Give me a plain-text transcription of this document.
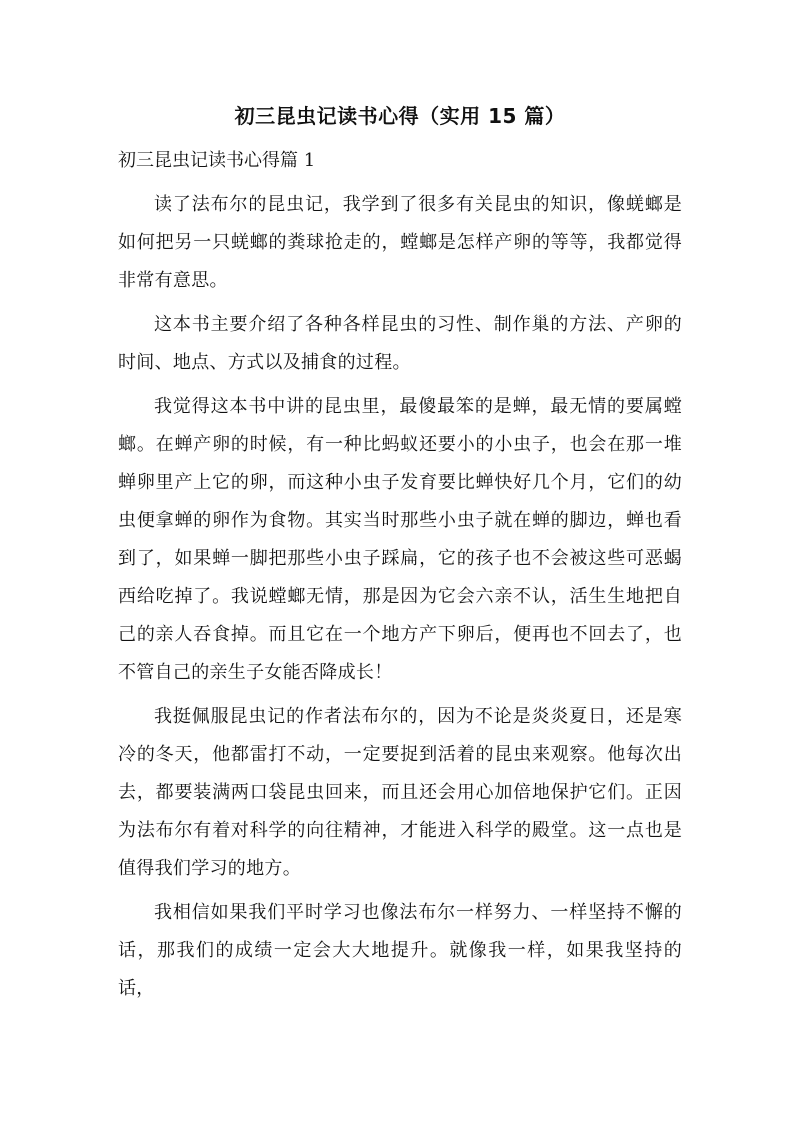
初三昆虫记读书心得（实用 15 篇）
初三昆虫记读书心得篇 1

读了法布尔的昆虫记，我学到了很多有关昆虫的知识，像蜣螂是如何把另一只蜣螂的粪球抢走的，螳螂是怎样产卵的等等，我都觉得非常有意思。

这本书主要介绍了各种各样昆虫的习性、制作巢的方法、产卵的时间、地点、方式以及捕食的过程。

我觉得这本书中讲的昆虫里，最傻最笨的是蝉，最无情的要属螳螂。在蝉产卵的时候，有一种比蚂蚁还要小的小虫子，也会在那一堆蝉卵里产上它的卵，而这种小虫子发育要比蝉快好几个月，它们的幼虫便拿蝉的卵作为食物。其实当时那些小虫子就在蝉的脚边，蝉也看到了，如果蝉一脚把那些小虫子踩扁，它的孩子也不会被这些可恶蝎西给吃掉了。我说螳螂无情，那是因为它会六亲不认，活生生地把自己的亲人吞食掉。而且它在一个地方产下卵后，便再也不回去了，也不管自己的亲生子女能否降成长！

我挺佩服昆虫记的作者法布尔的，因为不论是炎炎夏日，还是寒冷的冬天，他都雷打不动，一定要捉到活着的昆虫来观察。他每次出去，都要装满两口袋昆虫回来，而且还会用心加倍地保护它们。正因为法布尔有着对科学的向往精神，才能进入科学的殿堂。这一点也是值得我们学习的地方。

我相信如果我们平时学习也像法布尔一样努力、一样坚持不懈的话，那我们的成绩一定会大大地提升。就像我一样，如果我坚持的话，
